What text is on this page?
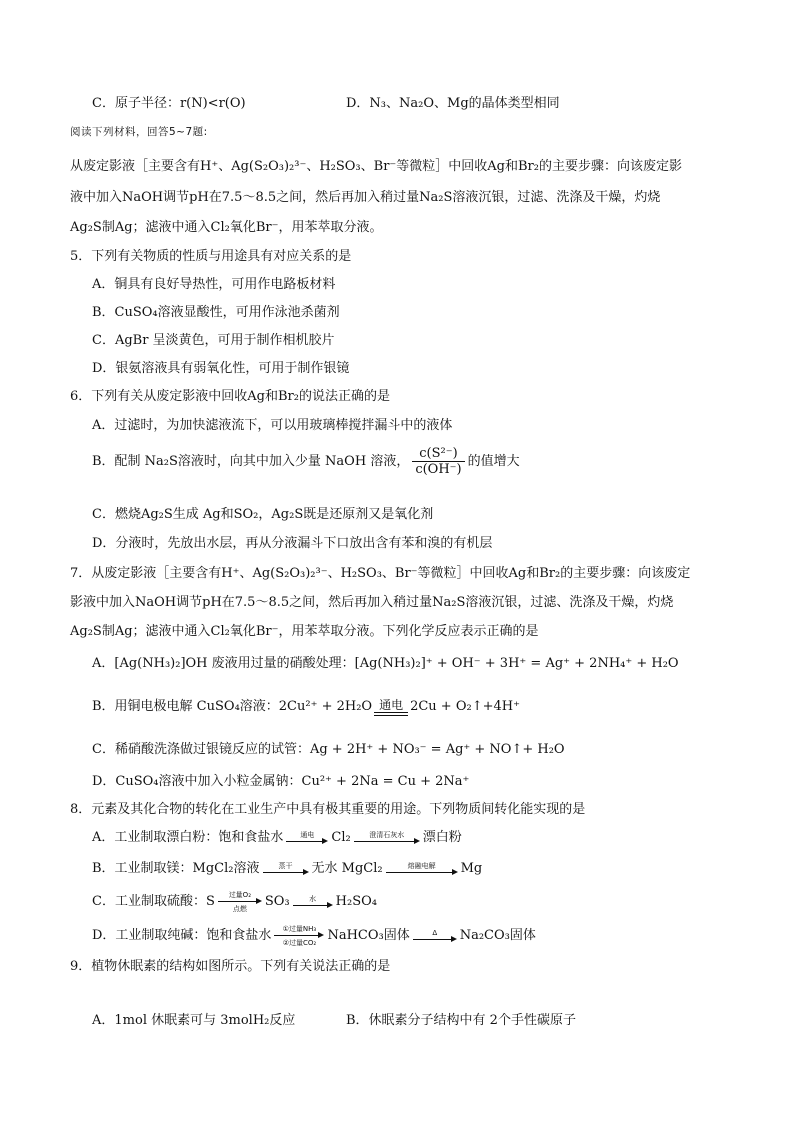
C．原子半径：r(N)<r(O)	D．N₃、Na₂O、Mg的晶体类型相同
阅读下列材料，回答5~7题:
从废定影液［主要含有H⁺、Ag(S₂O₃)₂³⁻、H₂SO₃、Br⁻等微粒］中回收Ag和Br₂的主要步骤：向该废定影
液中加入NaOH调节pH在7.5～8.5之间，然后再加入稍过量Na₂S溶液沉银，过滤、洗涤及干燥，灼烧
Ag₂S制Ag；滤液中通入Cl₂氧化Br⁻，用苯萃取分液。
5．下列有关物质的性质与用途具有对应关系的是
A．铜具有良好导热性，可用作电路板材料
B．CuSO₄溶液显酸性，可用作泳池杀菌剂
C．AgBr 呈淡黄色，可用于制作相机胶片
D．银氨溶液具有弱氧化性，可用于制作银镜
6．下列有关从废定影液中回收Ag和Br₂的说法正确的是
A．过滤时，为加快滤液流下，可以用玻璃棒搅拌漏斗中的液体
B．配制 Na₂S溶液时，向其中加入少量 NaOH 溶液， $\frac{\text{c(S²⁻)}}{c(OH^-)}$ 的值增大
C．燃烧Ag₂S生成 Ag和SO₂，Ag₂S既是还原剂又是氧化剂
D．分液时，先放出水层，再从分液漏斗下口放出含有苯和溴的有机层
7．从废定影液［主要含有H⁺、Ag(S₂O₃)₂³⁻、H₂SO₃、Br⁻等微粒］中回收Ag和Br₂的主要步骤：向该废定
影液中加入NaOH调节pH在7.5～8.5之间，然后再加入稍过量Na₂S溶液沉银，过滤、洗涤及干燥，灼烧
Ag₂S制Ag；滤液中通入Cl₂氧化Br⁻，用苯萃取分液。下列化学反应表示正确的是
A．[Ag(NH₃)₂]OH 废液用过量的硝酸处理：[Ag(NH₃)₂]⁺ + OH⁻ + 3H⁺ = Ag⁺ + 2NH₄⁺ + H₂O
B．用铜电极电解 CuSO₄溶液：2Cu²⁺ + 2H₂O 通电 2Cu + O₂↑+4H⁺
C．稀硝酸洗涤做过银镜反应的试管：Ag + 2H⁺ + NO₃⁻ = Ag⁺ + NO↑+ H₂O
D．CuSO₄溶液中加入小粒金属钠：Cu²⁺ + 2Na = Cu + 2Na⁺
8．元素及其化合物的转化在工业生产中具有极其重要的用途。下列物质间转化能实现的是
A．工业制取漂白粉：饱和食盐水	通电	Cl₂	澄清石灰水	漂白粉
B．工业制取镁：MgCl₂溶液	蒸干	无水 MgCl₂	熔融电解	Mg
C．工业制取硫酸：S	过量O₂
点燃	SO₃	水	H₂SO₄
D．工业制取纯碱：饱和食盐水	①过量NH₃
②过量CO₂ NaHCO₃固体	Δ	Na₂CO₃固体
9．植物休眠素的结构如图所示。下列有关说法正确的是
A．1mol 休眠素可与 3molH₂反应	B．休眠素分子结构中有 2个手性碳原子
